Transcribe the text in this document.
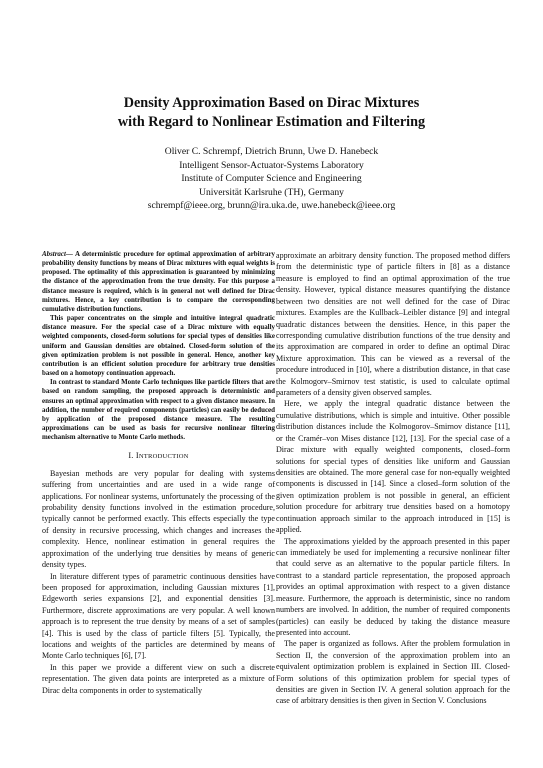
Density Approximation Based on Dirac Mixtures
with Regard to Nonlinear Estimation and Filtering
Oliver C. Schrempf, Dietrich Brunn, Uwe D. Hanebeck
Intelligent Sensor-Actuator-Systems Laboratory
Institute of Computer Science and Engineering
Universität Karlsruhe (TH), Germany
schrempf@ieee.org, brunn@ira.uka.de, uwe.hanebeck@ieee.org

Abstract— A deterministic procedure for optimal approximation of arbitrary probability density functions by means of Dirac mixtures with equal weights is proposed. The optimality of this approximation is guaranteed by minimizing the distance of the approximation from the true density. For this purpose a distance measure is required, which is in general not well defined for Dirac mixtures. Hence, a key contribution is to compare the corresponding cumulative distribution functions.

This paper concentrates on the simple and intuitive integral quadratic distance measure. For the special case of a Dirac mixture with equally weighted components, closed-form solutions for special types of densities like uniform and Gaussian densities are obtained. Closed-form solution of the given optimization problem is not possible in general. Hence, another key contribution is an efficient solution procedure for arbitrary true densities based on a homotopy continuation approach.

In contrast to standard Monte Carlo techniques like particle filters that are based on random sampling, the proposed approach is deterministic and ensures an optimal approximation with respect to a given distance measure. In addition, the number of required components (particles) can easily be deduced by application of the proposed distance measure. The resulting approximations can be used as basis for recursive nonlinear filtering mechanism alternative to Monte Carlo methods.

I. INTRODUCTION

Bayesian methods are very popular for dealing with systems suffering from uncertainties and are used in a wide range of applications. For nonlinear systems, unfortunately the processing of the probability density functions involved in the estimation procedure, typically cannot be performed exactly. This effects especially the type of density in recursive processing, which changes and increases the complexity. Hence, nonlinear estimation in general requires the approximation of the underlying true densities by means of generic density types.

In literature different types of parametric continuous densities have been proposed for approximation, including Gaussian mixtures [1], Edgeworth series expansions [2], and exponential densities [3]. Furthermore, discrete approximations are very popular. A well known approach is to represent the true density by means of a set of samples [4]. This is used by the class of particle filters [5]. Typically, the locations and weights of the particles are determined by means of Monte Carlo techniques [6], [7].

In this paper we provide a different view on such a discrete representation. The given data points are interpreted as a mixture of Dirac delta components in order to systematically

approximate an arbitrary density function. The proposed method differs from the deterministic type of particle filters in [8] as a distance measure is employed to find an optimal approximation of the true density. However, typical distance measures quantifying the distance between two densities are not well defined for the case of Dirac mixtures. Examples are the Kullback–Leibler distance [9] and integral quadratic distances between the densities. Hence, in this paper the corresponding cumulative distribution functions of the true density and its approximation are compared in order to define an optimal Dirac Mixture approximation. This can be viewed as a reversal of the procedure introduced in [10], where a distribution distance, in that case the Kolmogorv–Smirnov test statistic, is used to calculate optimal parameters of a density given observed samples.

Here, we apply the integral quadratic distance between the cumulative distributions, which is simple and intuitive. Other possible distribution distances include the Kolmogorov–Smirnov distance [11], or the Cramér–von Mises distance [12], [13]. For the special case of a Dirac mixture with equally weighted components, closed–form solutions for special types of densities like uniform and Gaussian densities are obtained. The more general case for non-equally weighted components is discussed in [14]. Since a closed–form solution of the given optimization problem is not possible in general, an efficient solution procedure for arbitrary true densities based on a homotopy continuation approach similar to the approach introduced in [15] is applied.

The approximations yielded by the approach presented in this paper can immediately be used for implementing a recursive nonlinear filter that could serve as an alternative to the popular particle filters. In contrast to a standard particle representation, the proposed approach provides an optimal approximation with respect to a given distance measure. Furthermore, the approach is deterministic, since no random numbers are involved. In addition, the number of required components (particles) can easily be deduced by taking the distance measure presented into account.

The paper is organized as follows. After the problem formulation in Section II, the conversion of the approximation problem into an equivalent optimization problem is explained in Section III. Closed-Form solutions of this optimization problem for special types of densities are given in Section IV. A general solution approach for the case of arbitrary densities is then given in Section V. Conclusions
